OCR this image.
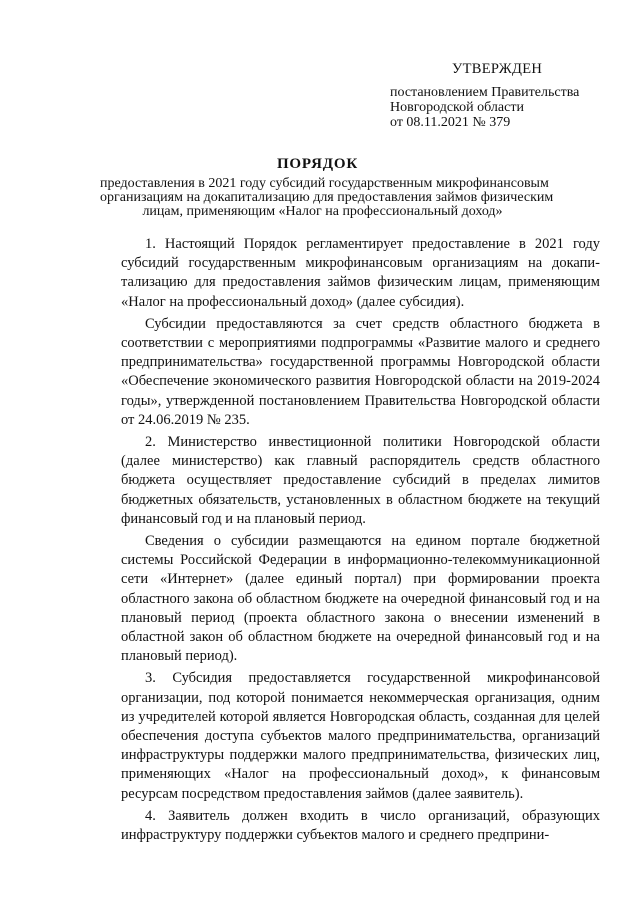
УТВЕРЖДЕН
постановлением Правительства
Новгородской области
от 08.11.2021 № 379
ПОРЯДОК
предоставления в 2021 году субсидий государственным микрофинансовым
организациям на докапитализацию для предоставления займов физическим
лицам, применяющим «Налог на профессиональный доход»

1. Настоящий Порядок регламентирует предоставление в 2021 году субсидий государственным микрофинансовым организациям на докапи-тализацию для предоставления займов физическим лицам, применяющим «Налог на профессиональный доход» (далее субсидия).

Субсидии предоставляются за счет средств областного бюджета в соответствии с мероприятиями подпрограммы «Развитие малого и среднего предпринимательства» государственной программы Новгородской области «Обеспечение экономического развития Новгородской области на 2019-2024 годы», утвержденной постановлением Правительства Новгородской области от 24.06.2019 № 235.

2. Министерство инвестиционной политики Новгородской области (далее министерство) как главный распорядитель средств областного бюджета осуществляет предоставление субсидий в пределах лимитов бюджетных обязательств, установленных в областном бюджете на текущий финансовый год и на плановый период.

Сведения о субсидии размещаются на едином портале бюджетной системы Российской Федерации в информационно-телекоммуникационной сети «Интернет» (далее единый портал) при формировании проекта областного закона об областном бюджете на очередной финансовый год и на плановый период (проекта областного закона о внесении изменений в областной закон об областном бюджете на очередной финансовый год и на плановый период).

3. Субсидия предоставляется государственной микрофинансовой организации, под которой понимается некоммерческая организация, одним из учредителей которой является Новгородская область, созданная для целей обеспечения доступа субъектов малого предпринимательства, организаций инфраструктуры поддержки малого предпринимательства, физических лиц, применяющих «Налог на профессиональный доход», к финансовым ресурсам посредством предоставления займов (далее заявитель).

4. Заявитель должен входить в число организаций, образующих инфраструктуру поддержки субъектов малого и среднего предприни-
